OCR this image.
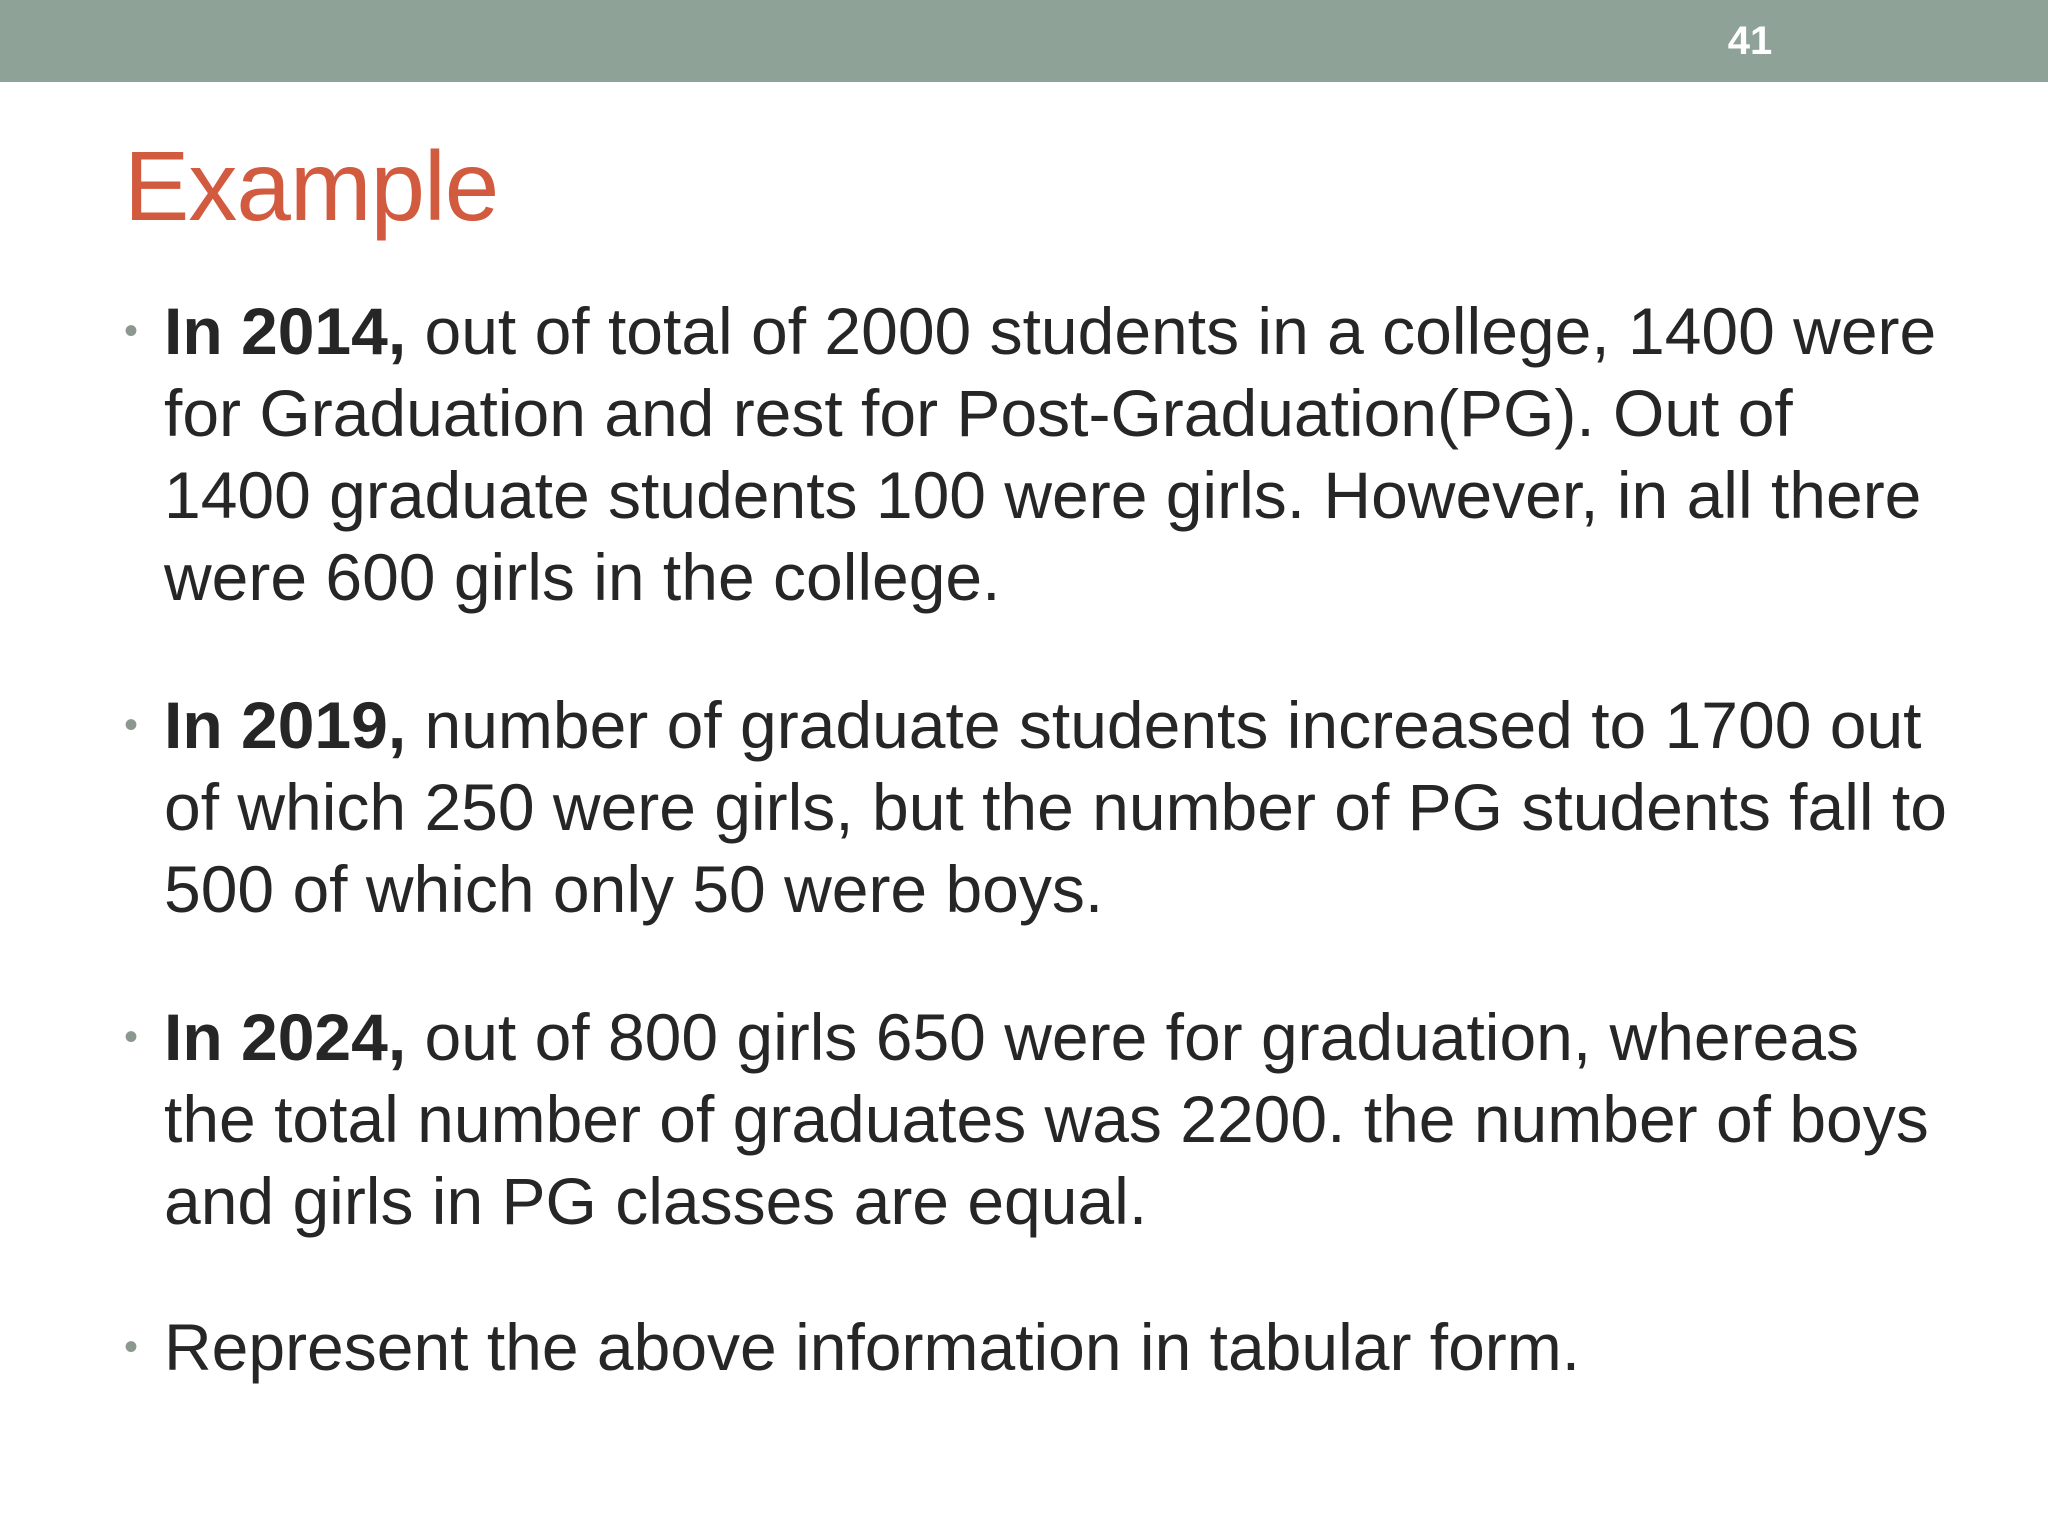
41
Example
• In 2014, out of total of 2000 students in a college, 1400 were for Graduation and rest for Post-Graduation(PG). Out of 1400 graduate students 100 were girls. However, in all there were 600 girls in the college.
• In 2019, number of graduate students increased to 1700 out of which 250 were girls, but the number of PG students fall to 500 of which only 50 were boys.
• In 2024, out of 800 girls 650 were for graduation, whereas the total number of graduates was 2200. the number of boys and girls in PG classes are equal.
• Represent the above information in tabular form.
